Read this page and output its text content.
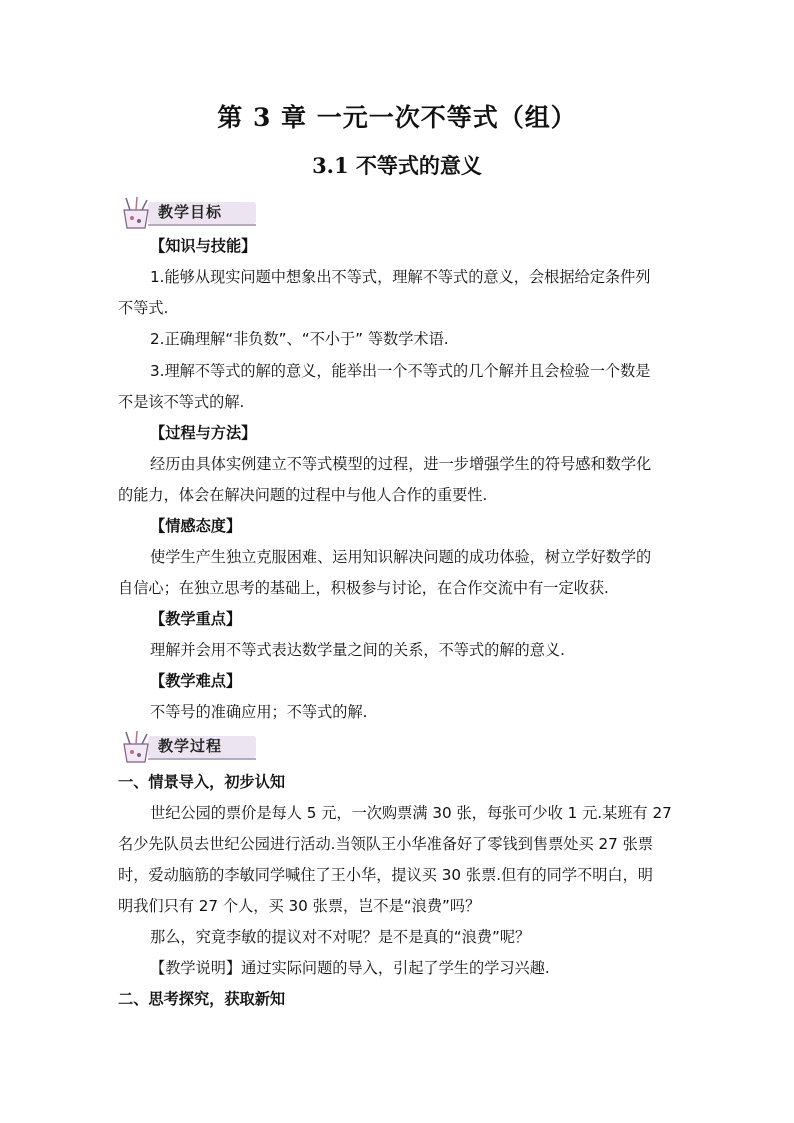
第 3 章 一元一次不等式（组）
3.1 不等式的意义
教学目标
【知识与技能】
1.能够从现实问题中想象出不等式，理解不等式的意义，会根据给定条件列
不等式.
2.正确理解“非负数”、“不小于” 等数学术语.
3.理解不等式的解的意义，能举出一个不等式的几个解并且会检验一个数是
不是该不等式的解.
【过程与方法】
经历由具体实例建立不等式模型的过程，进一步增强学生的符号感和数学化
的能力，体会在解决问题的过程中与他人合作的重要性.
【情感态度】
使学生产生独立克服困难、运用知识解决问题的成功体验，树立学好数学的
自信心；在独立思考的基础上，积极参与讨论，在合作交流中有一定收获.
【教学重点】
理解并会用不等式表达数学量之间的关系，不等式的解的意义.
【教学难点】
不等号的准确应用；不等式的解.
教学过程
一、情景导入，初步认知
世纪公园的票价是每人 5 元，一次购票满 30 张，每张可少收 1 元.某班有 27
名少先队员去世纪公园进行活动.当领队王小华准备好了零钱到售票处买 27 张票
时，爱动脑筋的李敏同学喊住了王小华，提议买 30 张票.但有的同学不明白，明
明我们只有 27 个人，买 30 张票，岂不是“浪费”吗？
那么，究竟李敏的提议对不对呢？是不是真的“浪费”呢？
【教学说明】通过实际问题的导入，引起了学生的学习兴趣.
二、思考探究，获取新知
